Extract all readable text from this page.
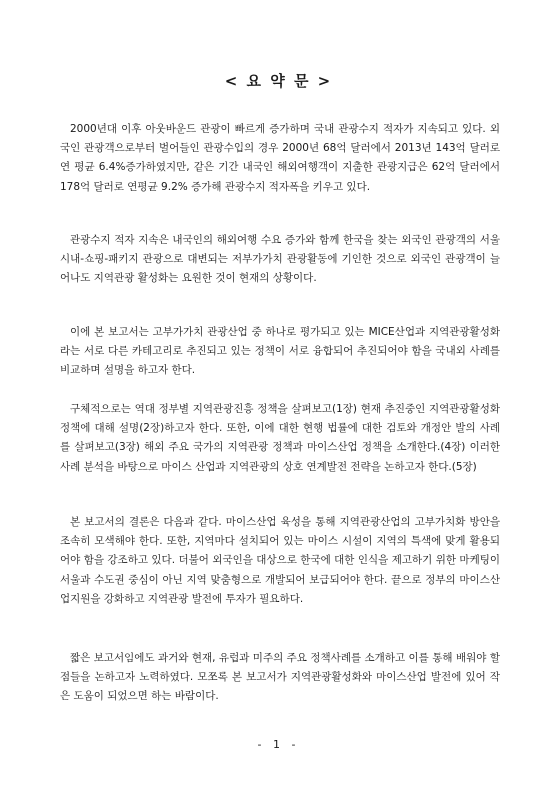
< 요 약 문 >

2000년대 이후 아웃바운드 관광이 빠르게 증가하며 국내 관광수지 적자가 지속되고 있다. 외국인 관광객으로부터 벌어들인 관광수입의 경우 2000년 68억 달러에서 2013년 143억 달러로 연 평균 6.4%증가하였지만, 같은 기간 내국인 해외여행객이 지출한 관광지급은 62억 달러에서 178억 달러로 연평균 9.2% 증가해 관광수지 적자폭을 키우고 있다.

관광수지 적자 지속은 내국인의 해외여행 수요 증가와 함께 한국을 찾는 외국인 관광객의 서울시내-쇼핑-패키지 관광으로 대변되는 저부가가치 관광활동에 기인한 것으로 외국인 관광객이 늘어나도 지역관광 활성화는 요원한 것이 현재의 상황이다.

이에 본 보고서는 고부가가치 관광산업 중 하나로 평가되고 있는 MICE산업과 지역관광활성화라는 서로 다른 카테고리로 추진되고 있는 정책이 서로 융합되어 추진되어야 함을 국내외 사례를 비교하며 설명을 하고자 한다.

구체적으로는 역대 정부별 지역관광진흥 정책을 살펴보고(1장) 현재 추진중인 지역관광활성화 정책에 대해 설명(2장)하고자 한다. 또한, 이에 대한 현행 법률에 대한 검토와 개정안 발의 사례를 살펴보고(3장) 해외 주요 국가의 지역관광 정책과 마이스산업 정책을 소개한다.(4장) 이러한 사례 분석을 바탕으로 마이스 산업과 지역관광의 상호 연계발전 전략을 논하고자 한다.(5장)

본 보고서의 결론은 다음과 같다. 마이스산업 육성을 통해 지역관광산업의 고부가치화 방안을 조속히 모색해야 한다. 또한, 지역마다 설치되어 있는 마이스 시설이 지역의 특색에 맞게 활용되어야 함을 강조하고 있다. 더불어 외국인을 대상으로 한국에 대한 인식을 제고하기 위한 마케팅이 서울과 수도권 중심이 아닌 지역 맞춤형으로 개발되어 보급되어야 한다. 끝으로 정부의 마이스산업지원을 강화하고 지역관광 발전에 투자가 필요하다.

짧은 보고서임에도 과거와 현재, 유럽과 미주의 주요 정책사례를 소개하고 이를 통해 배워야 할 점들을 논하고자 노력하였다. 모쪼록 본 보고서가 지역관광활성화와 마이스산업 발전에 있어 작은 도움이 되었으면 하는 바람이다.

- 1 -
